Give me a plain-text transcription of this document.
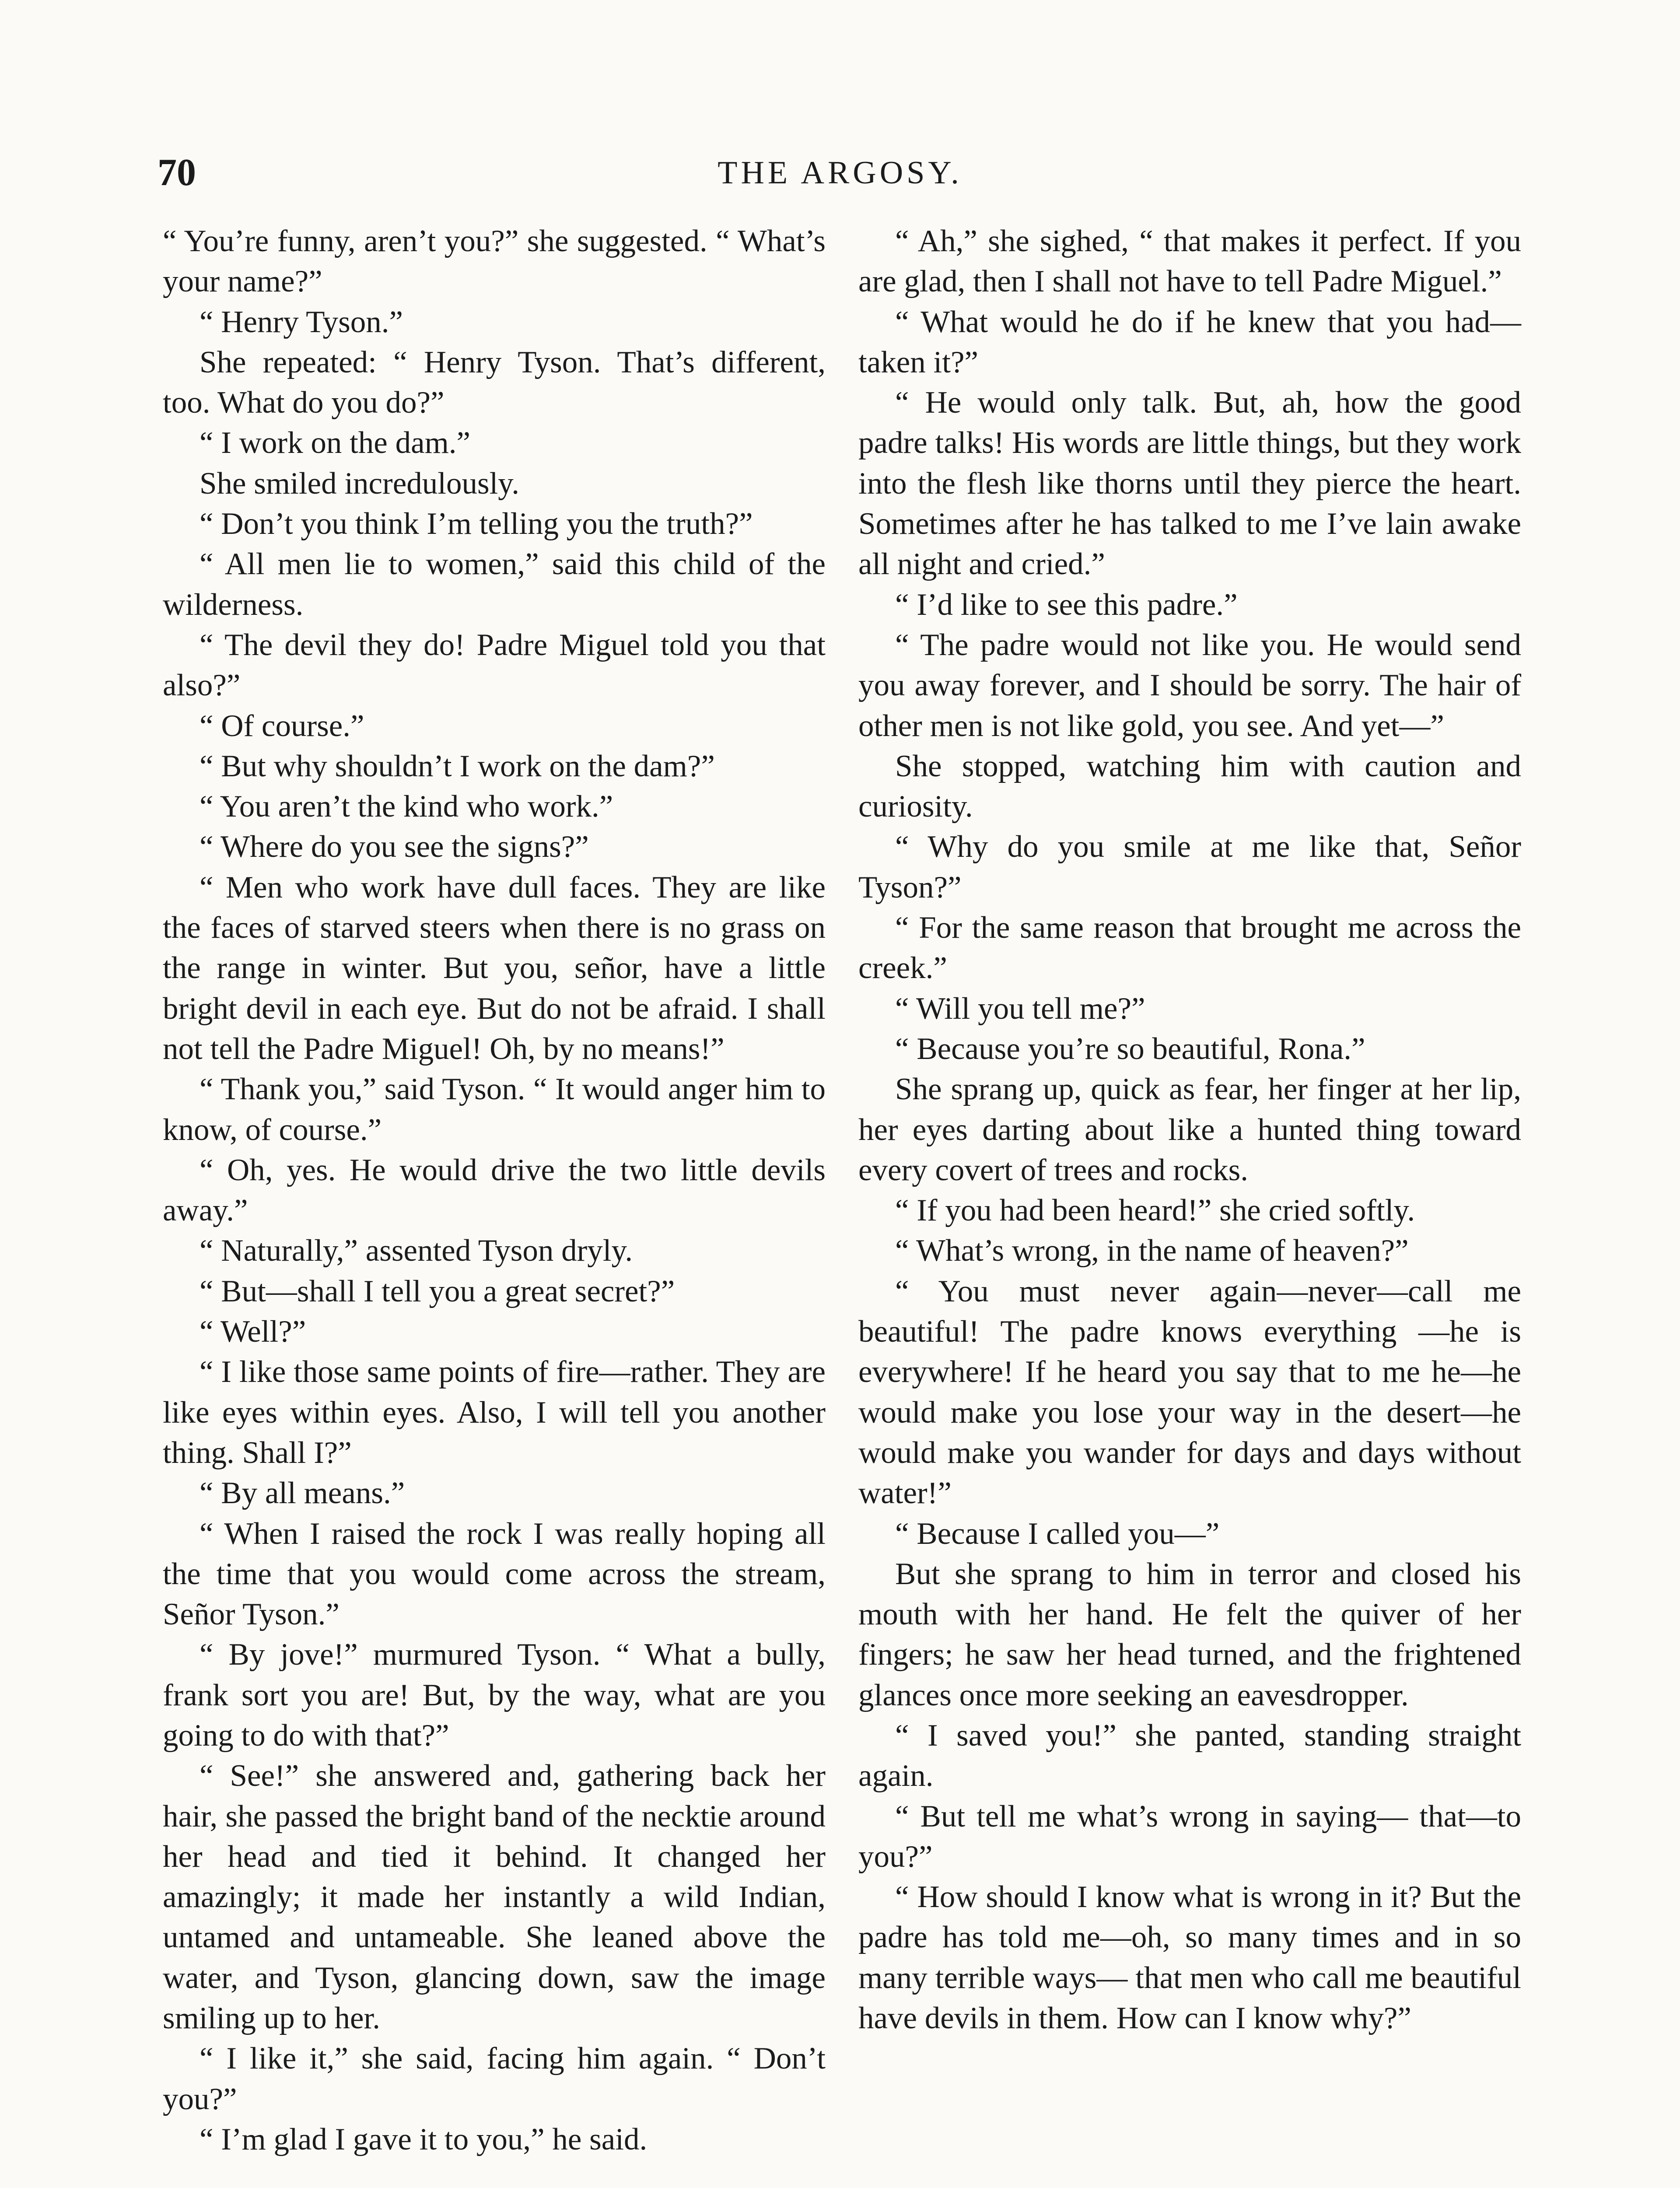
70	THE ARGOSY.

“ You’re funny, aren’t you?” she suggested. “ What’s your name?”

“ Henry Tyson.”

She repeated: “ Henry Tyson. That’s different, too. What do you do?”

“ I work on the dam.”

She smiled incredulously.

“ Don’t you think I’m telling you the truth?”

“ All men lie to women,” said this child of the wilderness.

“ The devil they do! Padre Miguel told you that also?”

“ Of course.”

“ But why shouldn’t I work on the dam?”

“ You aren’t the kind who work.”

“ Where do you see the signs?”

“ Men who work have dull faces. They are like the faces of starved steers when there is no grass on the range in winter. But you, señor, have a little bright devil in each eye. But do not be afraid. I shall not tell the Padre Miguel! Oh, by no means!”

“ Thank you,” said Tyson. “ It would anger him to know, of course.”

“ Oh, yes. He would drive the two little devils away.”

“ Naturally,” assented Tyson dryly.

“ But—shall I tell you a great secret?”

“ Well?”

“ I like those same points of fire—rather. They are like eyes within eyes. Also, I will tell you another thing. Shall I?”

“ By all means.”

“ When I raised the rock I was really hoping all the time that you would come across the stream, Señor Tyson.”

“ By jove!” murmured Tyson. “ What a bully, frank sort you are! But, by the way, what are you going to do with that?”

“ See!” she answered and, gathering back her hair, she passed the bright band of the necktie around her head and tied it behind. It changed her amazingly; it made her instantly a wild Indian, untamed and untameable. She leaned above the water, and Tyson, glancing down, saw the image smiling up to her.

“ I like it,” she said, facing him again. “ Don’t you?”

“ I’m glad I gave it to you,” he said.

“ Ah,” she sighed, “ that makes it perfect. If you are glad, then I shall not have to tell Padre Miguel.”

“ What would he do if he knew that you had—taken it?”

“ He would only talk. But, ah, how the good padre talks! His words are little things, but they work into the flesh like thorns until they pierce the heart. Sometimes after he has talked to me I’ve lain awake all night and cried.”

“ I’d like to see this padre.”

“ The padre would not like you. He would send you away forever, and I should be sorry. The hair of other men is not like gold, you see. And yet—”

She stopped, watching him with caution and curiosity.

“ Why do you smile at me like that, Señor Tyson?”

“ For the same reason that brought me across the creek.”

“ Will you tell me?”

“ Because you’re so beautiful, Rona.”

She sprang up, quick as fear, her finger at her lip, her eyes darting about like a hunted thing toward every covert of trees and rocks.

“ If you had been heard!” she cried softly.

“ What’s wrong, in the name of heaven?”

“ You must never again—never—call me beautiful! The padre knows everything —he is everywhere! If he heard you say that to me he—he would make you lose your way in the desert—he would make you wander for days and days without water!”

“ Because I called you—”

But she sprang to him in terror and closed his mouth with her hand. He felt the quiver of her fingers; he saw her head turned, and the frightened glances once more seeking an eavesdropper.

“ I saved you!” she panted, standing straight again.

“ But tell me what’s wrong in saying— that—to you?”

“ How should I know what is wrong in it? But the padre has told me—oh, so many times and in so many terrible ways— that men who call me beautiful have devils in them. How can I know why?”
